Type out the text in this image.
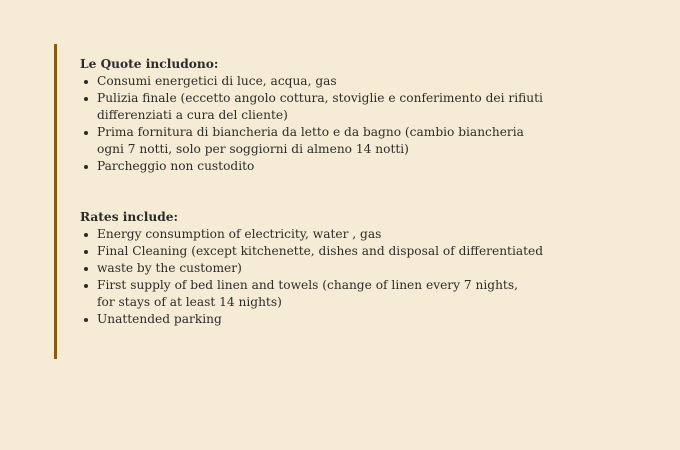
Le Quote includono:

Consumi energetici di luce, acqua, gas
Pulizia finale (eccetto angolo cottura, stoviglie e conferimento dei rifiuti
differenziati a cura del cliente)
Prima fornitura di biancheria da letto e da bagno (cambio biancheria
ogni 7 notti, solo per soggiorni di almeno 14 notti)
Parcheggio non custodito

Rates include:

Energy consumption of electricity, water , gas
Final Cleaning (except kitchenette, dishes and disposal of differentiated
waste by the customer)
First supply of bed linen and towels (change of linen every 7 nights,
for stays of at least 14 nights)
Unattended parking
